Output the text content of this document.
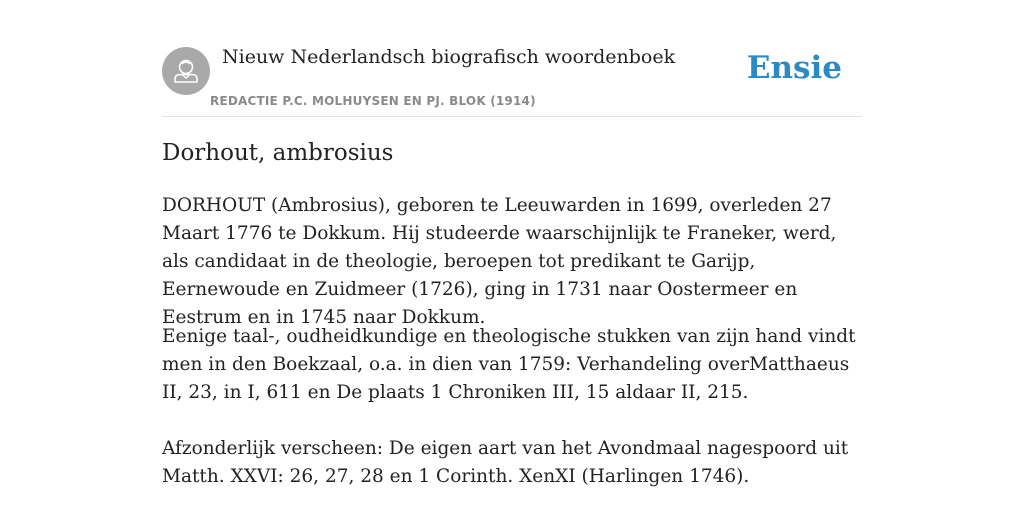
Nieuw Nederlandsch biografisch woordenboek
REDACTIE P.C. MOLHUYSEN EN PJ. BLOK (1914)
Ensie
Dorhout, ambrosius

DORHOUT (Ambrosius), geboren te Leeuwarden in 1699, overleden 27 Maart 1776 te Dokkum. Hij studeerde waarschijnlijk te Franeker, werd, als candidaat in de theologie, beroepen tot predikant te Garijp, Eernewoude en Zuidmeer (1726), ging in 1731 naar Oostermeer en Eestrum en in 1745 naar Dokkum.

Eenige taal-, oudheidkundige en theologische stukken van zijn hand vindt men in den Boekzaal, o.a. in dien van 1759: Verhandeling overMatthaeus II, 23, in I, 611 en De plaats 1 Chroniken III, 15 aldaar II, 215.

Afzonderlijk verscheen: De eigen aart van het Avondmaal nagespoord uit Matth. XXVI: 26, 27, 28 en 1 Corinth. XenXI (Harlingen 1746).
